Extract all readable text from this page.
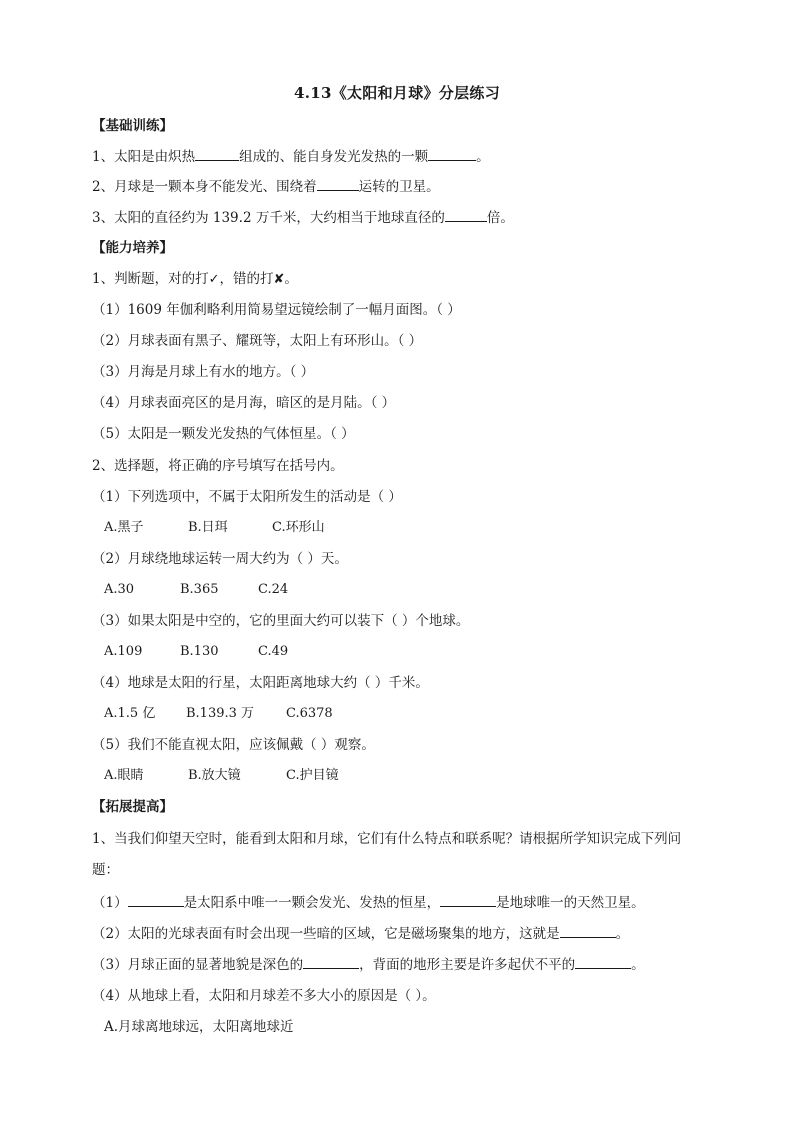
4.13《太阳和月球》分层练习
【基础训练】
1、太阳是由炽热	组成的、能自身发光发热的一颗	。
2、月球是一颗本身不能发光、围绕着	运转的卫星。
3、太阳的直径约为 139.2 万千米，大约相当于地球直径的	倍。
【能力培养】
1、判断题，对的打✓，错的打✘。
（1）1609 年伽利略利用简易望远镜绘制了一幅月面图。（ ）
（2）月球表面有黑子、耀斑等，太阳上有环形山。（ ）
（3）月海是月球上有水的地方。（ ）
（4）月球表面亮区的是月海，暗区的是月陆。（ ）
（5）太阳是一颗发光发热的气体恒星。（ ）
2、选择题，将正确的序号填写在括号内。
（1）下列选项中，不属于太阳所发生的活动是（ ）
A.黑子	B.日珥	C.环形山
（2）月球绕地球运转一周大约为（ ）天。
A.30	B.365	C.24
（3）如果太阳是中空的，它的里面大约可以装下（ ）个地球。
A.109	B.130	C.49
（4）地球是太阳的行星，太阳距离地球大约（ ）千米。
A.1.5 亿 B.139.3 万 C.6378
（5）我们不能直视太阳，应该佩戴（ ）观察。
A.眼睛	B.放大镜	C.护目镜
【拓展提高】
1、当我们仰望天空时，能看到太阳和月球，它们有什么特点和联系呢？请根据所学知识完成下列问
题：
（1）	是太阳系中唯一一颗会发光、发热的恒星，	是地球唯一的天然卫星。
（2）太阳的光球表面有时会出现一些暗的区域，它是磁场聚集的地方，这就是	。
（3）月球正面的显著地貌是深色的	，背面的地形主要是许多起伏不平的	。
（4）从地球上看，太阳和月球差不多大小的原因是（ ）。
A.月球离地球远，太阳离地球近
